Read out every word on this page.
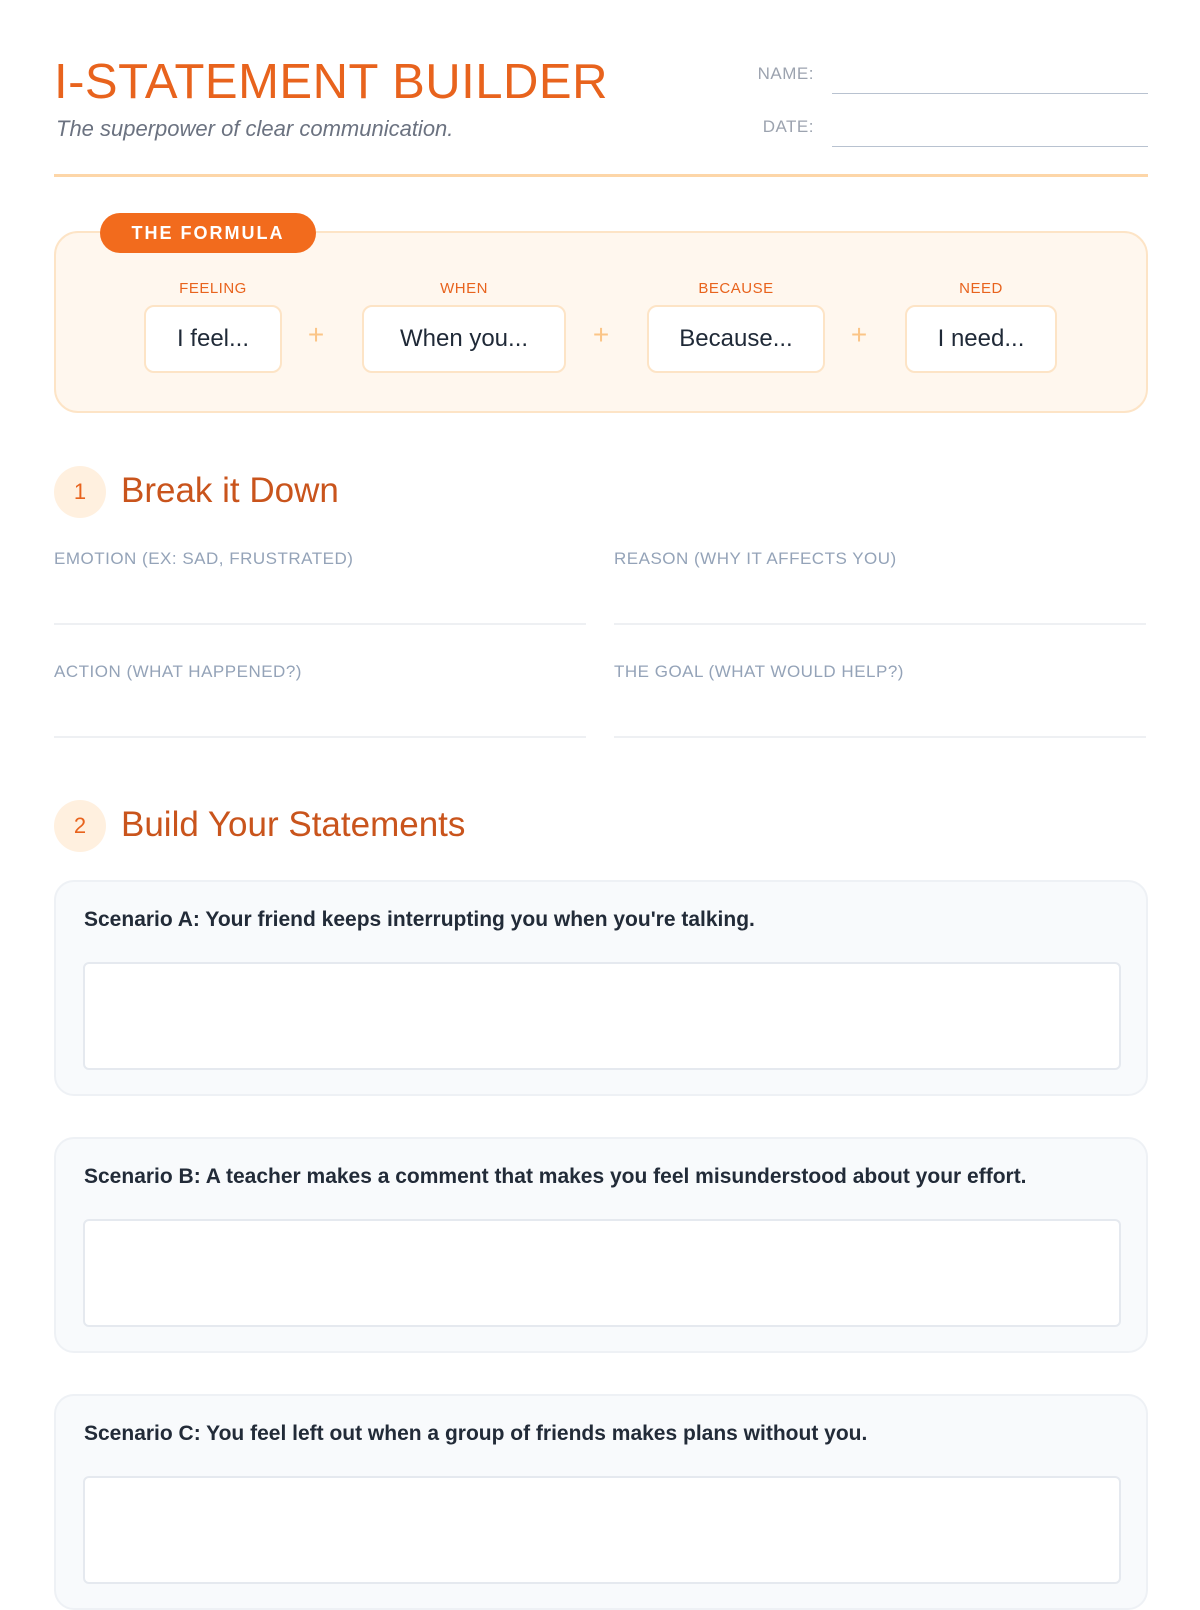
I-STATEMENT BUILDER
The superpower of clear communication.
NAME:
DATE:
THE FORMULA
FEELING
I feel...	+
WHEN
When you...	+
BECAUSE
Because...	+
NEED
I need...
1 Break it Down
EMOTION (EX: SAD, FRUSTRATED)	REASON (WHY IT AFFECTS YOU)
ACTION (WHAT HAPPENED?)	THE GOAL (WHAT WOULD HELP?)
2 Build Your Statements
Scenario A: Your friend keeps interrupting you when you're talking.
Scenario B: A teacher makes a comment that makes you feel misunderstood about your effort.
Scenario C: You feel left out when a group of friends makes plans without you.
